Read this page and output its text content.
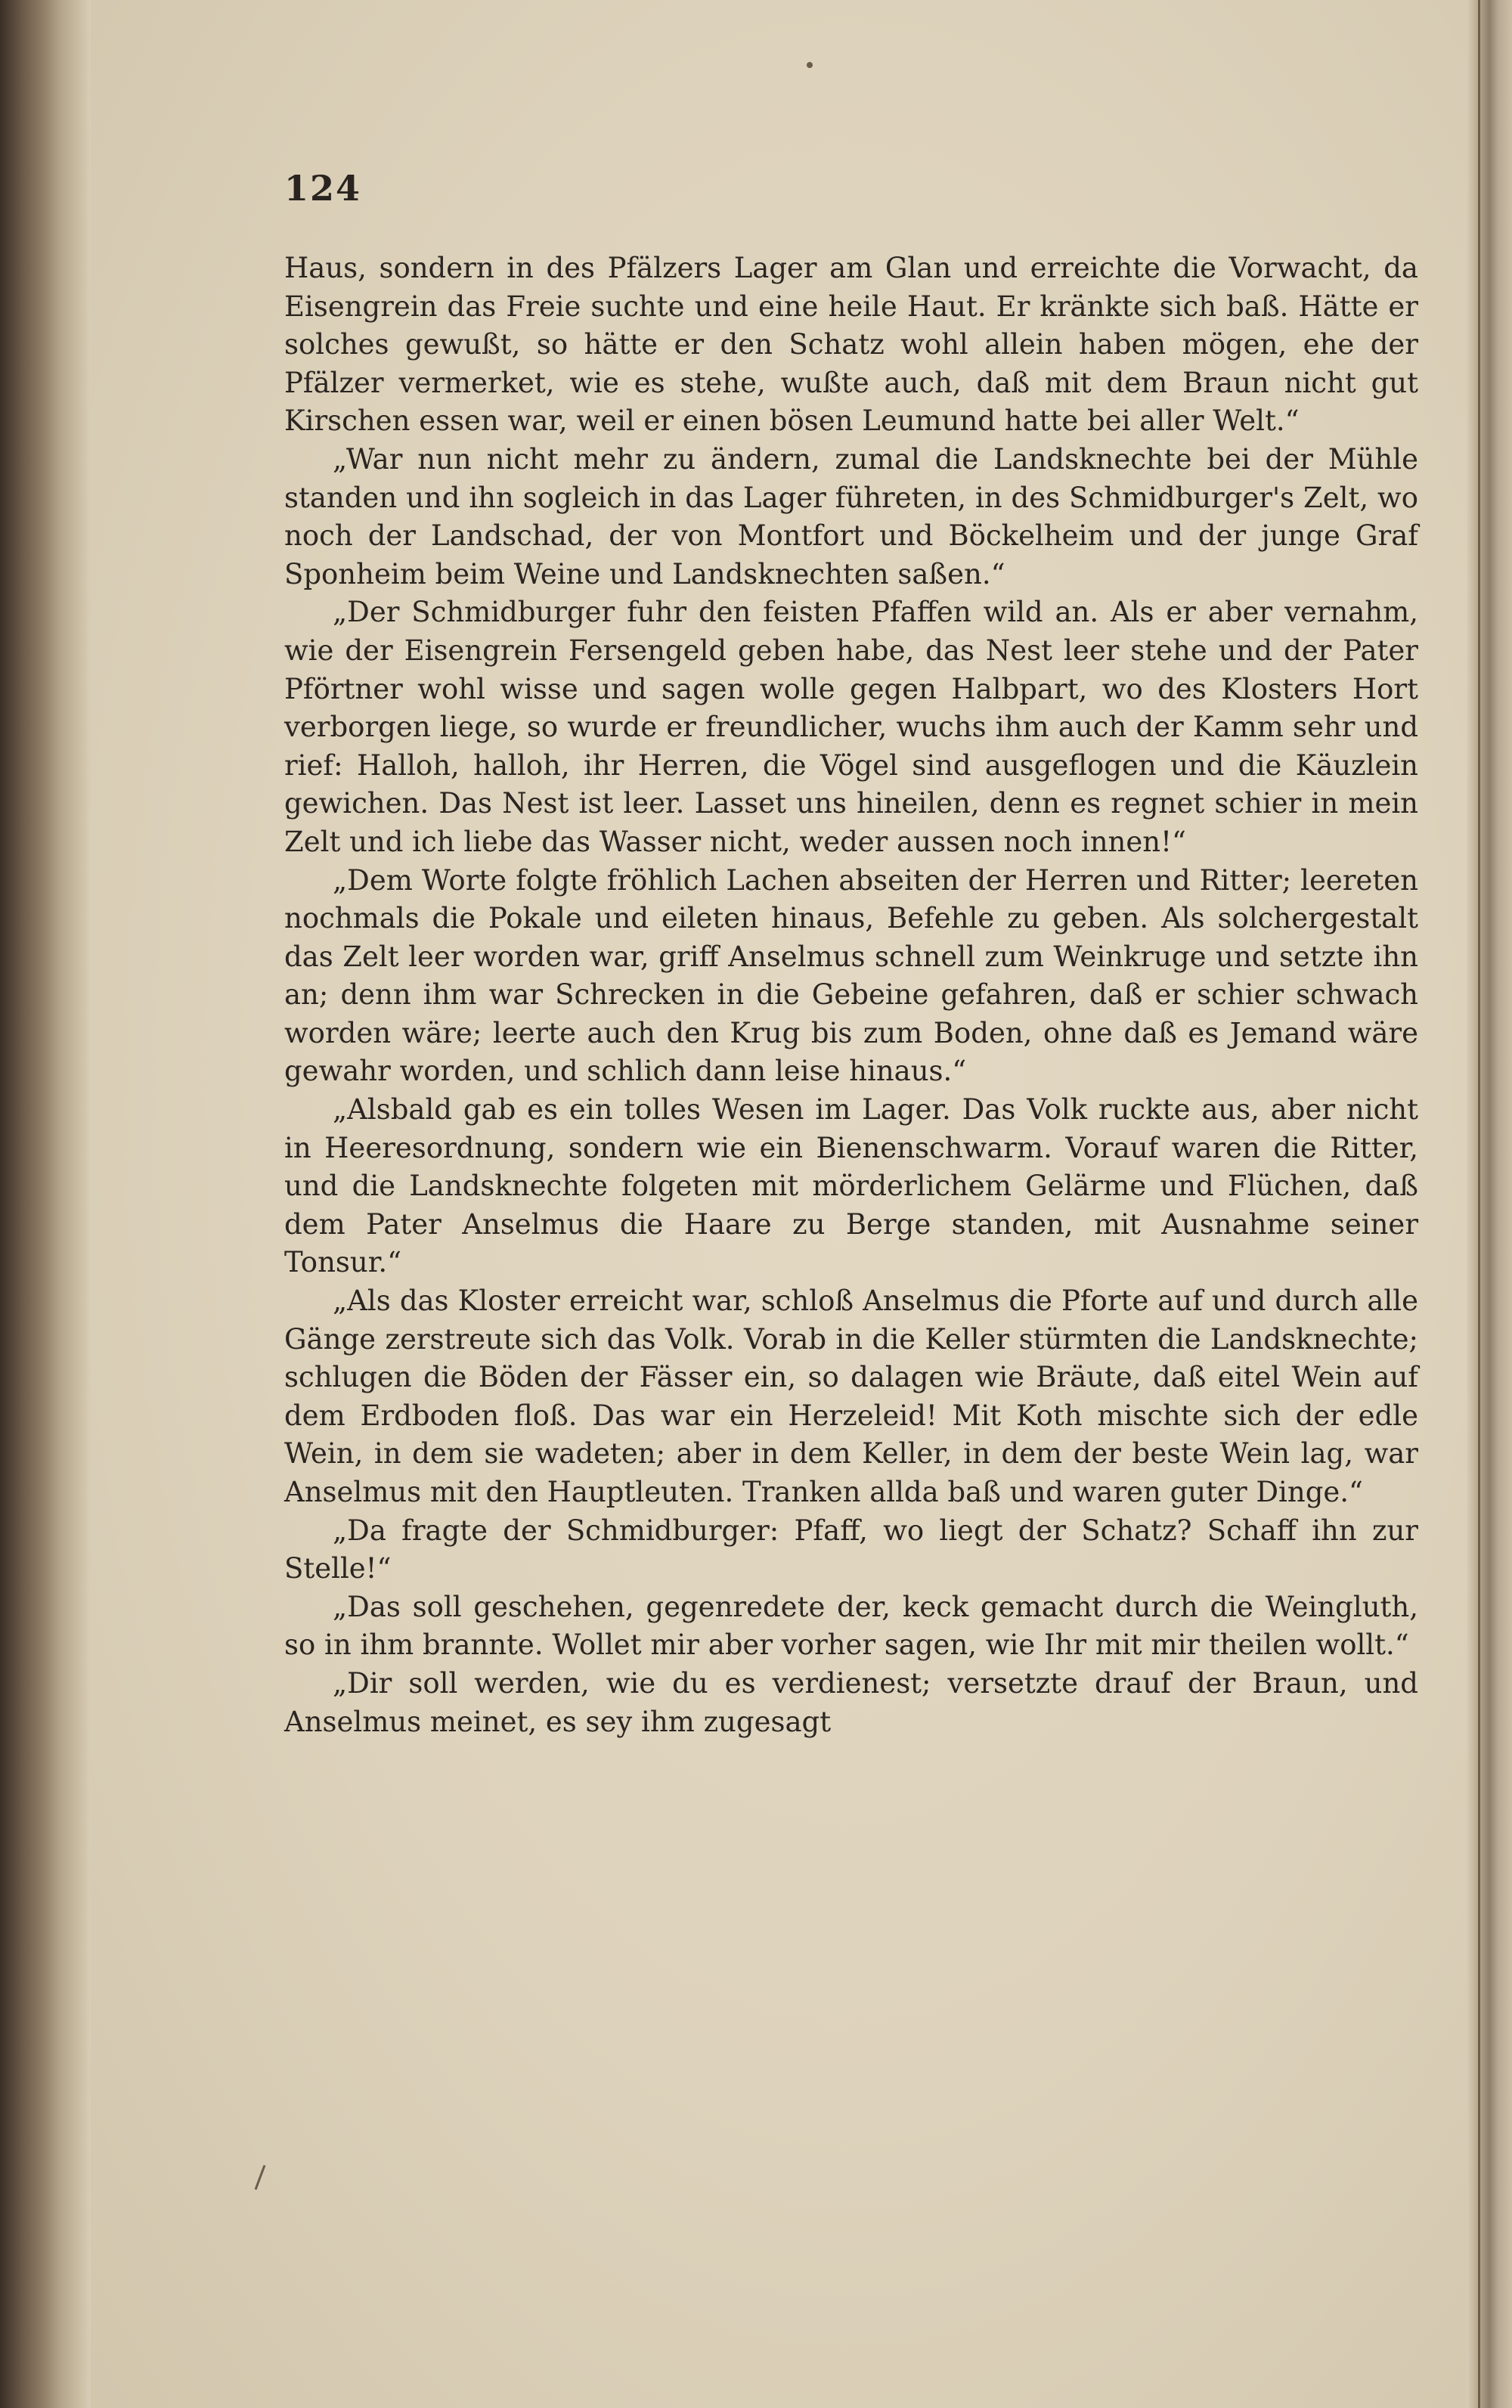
124

Haus, sondern in des Pfälzers Lager am Glan und erreichte die Vorwacht, da Eisengrein das Freie suchte und eine heile Haut. Er kränkte sich baß. Hätte er solches gewußt, so hätte er den Schatz wohl allein haben mögen, ehe der Pfälzer vermerket, wie es stehe, wußte auch, daß mit dem Braun nicht gut Kirschen essen war, weil er einen bösen Leumund hatte bei aller Welt.“

„War nun nicht mehr zu ändern, zumal die Landsknechte bei der Mühle standen und ihn sogleich in das Lager führeten, in des Schmidburger's Zelt, wo noch der Landschad, der von Montfort und Böckelheim und der junge Graf Sponheim beim Weine und Landsknechten saßen.“

„Der Schmidburger fuhr den feisten Pfaffen wild an. Als er aber vernahm, wie der Eisengrein Fersengeld geben habe, das Nest leer stehe und der Pater Pförtner wohl wisse und sagen wolle gegen Halbpart, wo des Klosters Hort verborgen liege, so wurde er freundlicher, wuchs ihm auch der Kamm sehr und rief: Halloh, halloh, ihr Herren, die Vögel sind ausgeflogen und die Käuzlein gewichen. Das Nest ist leer. Lasset uns hineilen, denn es regnet schier in mein Zelt und ich liebe das Wasser nicht, weder aussen noch innen!“

„Dem Worte folgte fröhlich Lachen abseiten der Herren und Ritter; leereten nochmals die Pokale und eileten hinaus, Befehle zu geben. Als solchergestalt das Zelt leer worden war, griff Anselmus schnell zum Weinkruge und setzte ihn an; denn ihm war Schrecken in die Gebeine gefahren, daß er schier schwach worden wäre; leerte auch den Krug bis zum Boden, ohne daß es Jemand wäre gewahr worden, und schlich dann leise hinaus.“

„Alsbald gab es ein tolles Wesen im Lager. Das Volk ruckte aus, aber nicht in Heeresordnung, sondern wie ein Bienenschwarm. Vorauf waren die Ritter, und die Landsknechte folgeten mit mörderlichem Gelärme und Flüchen, daß dem Pater Anselmus die Haare zu Berge standen, mit Ausnahme seiner Tonsur.“

„Als das Kloster erreicht war, schloß Anselmus die Pforte auf und durch alle Gänge zerstreute sich das Volk. Vorab in die Keller stürmten die Landsknechte; schlugen die Böden der Fässer ein, so dalagen wie Bräute, daß eitel Wein auf dem Erdboden floß. Das war ein Herzeleid! Mit Koth mischte sich der edle Wein, in dem sie wadeten; aber in dem Keller, in dem der beste Wein lag, war Anselmus mit den Hauptleuten. Tranken allda baß und waren guter Dinge.“

„Da fragte der Schmidburger: Pfaff, wo liegt der Schatz? Schaff ihn zur Stelle!“

„Das soll geschehen, gegenredete der, keck gemacht durch die Weingluth, so in ihm brannte. Wollet mir aber vorher sagen, wie Ihr mit mir theilen wollt.“

„Dir soll werden, wie du es verdienest; versetzte drauf der Braun, und Anselmus meinet, es sey ihm zugesagt
